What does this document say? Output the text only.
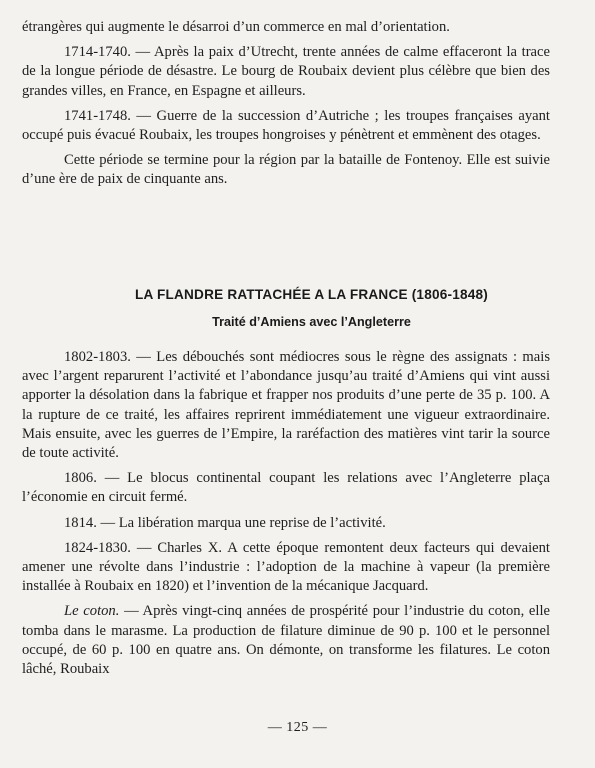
étrangères qui augmente le désarroi d’un commerce en mal d’orientation.

1714-1740. — Après la paix d’Utrecht, trente années de calme effaceront la trace de la longue période de désastre. Le bourg de Roubaix devient plus célèbre que bien des grandes villes, en France, en Espagne et ailleurs.

1741-1748. — Guerre de la succession d’Autriche ; les troupes françaises ayant occupé puis évacué Roubaix, les troupes hongroises y pénètrent et emmènent des otages.

Cette période se termine pour la région par la bataille de Fontenoy. Elle est suivie d’une ère de paix de cinquante ans.

LA FLANDRE RATTACHÉE A LA FRANCE (1806-1848)
Traité d’Amiens avec l’Angleterre

1802-1803. — Les débouchés sont médiocres sous le règne des assignats : mais avec l’argent reparurent l’activité et l’abondance jusqu’au traité d’Amiens qui vint aussi apporter la désolation dans la fabrique et frapper nos produits d’une perte de 35 p. 100. A la rupture de ce traité, les affaires reprirent immédiatement une vigueur extraordinaire. Mais ensuite, avec les guerres de l’Empire, la raréfaction des matières vint tarir la source de toute activité.

1806. — Le blocus continental coupant les relations avec l’Angleterre plaça l’économie en circuit fermé.

1814. — La libération marqua une reprise de l’activité.

1824-1830. — Charles X. A cette époque remontent deux facteurs qui devaient amener une révolte dans l’industrie : l’adoption de la machine à vapeur (la première installée à Roubaix en 1820) et l’invention de la mécanique Jacquard.

Le coton. — Après vingt-cinq années de prospérité pour l’industrie du coton, elle tomba dans le marasme. La production de filature diminue de 90 p. 100 et le personnel occupé, de 60 p. 100 en quatre ans. On démonte, on transforme les filatures. Le coton lâché, Roubaix

— 125 —
